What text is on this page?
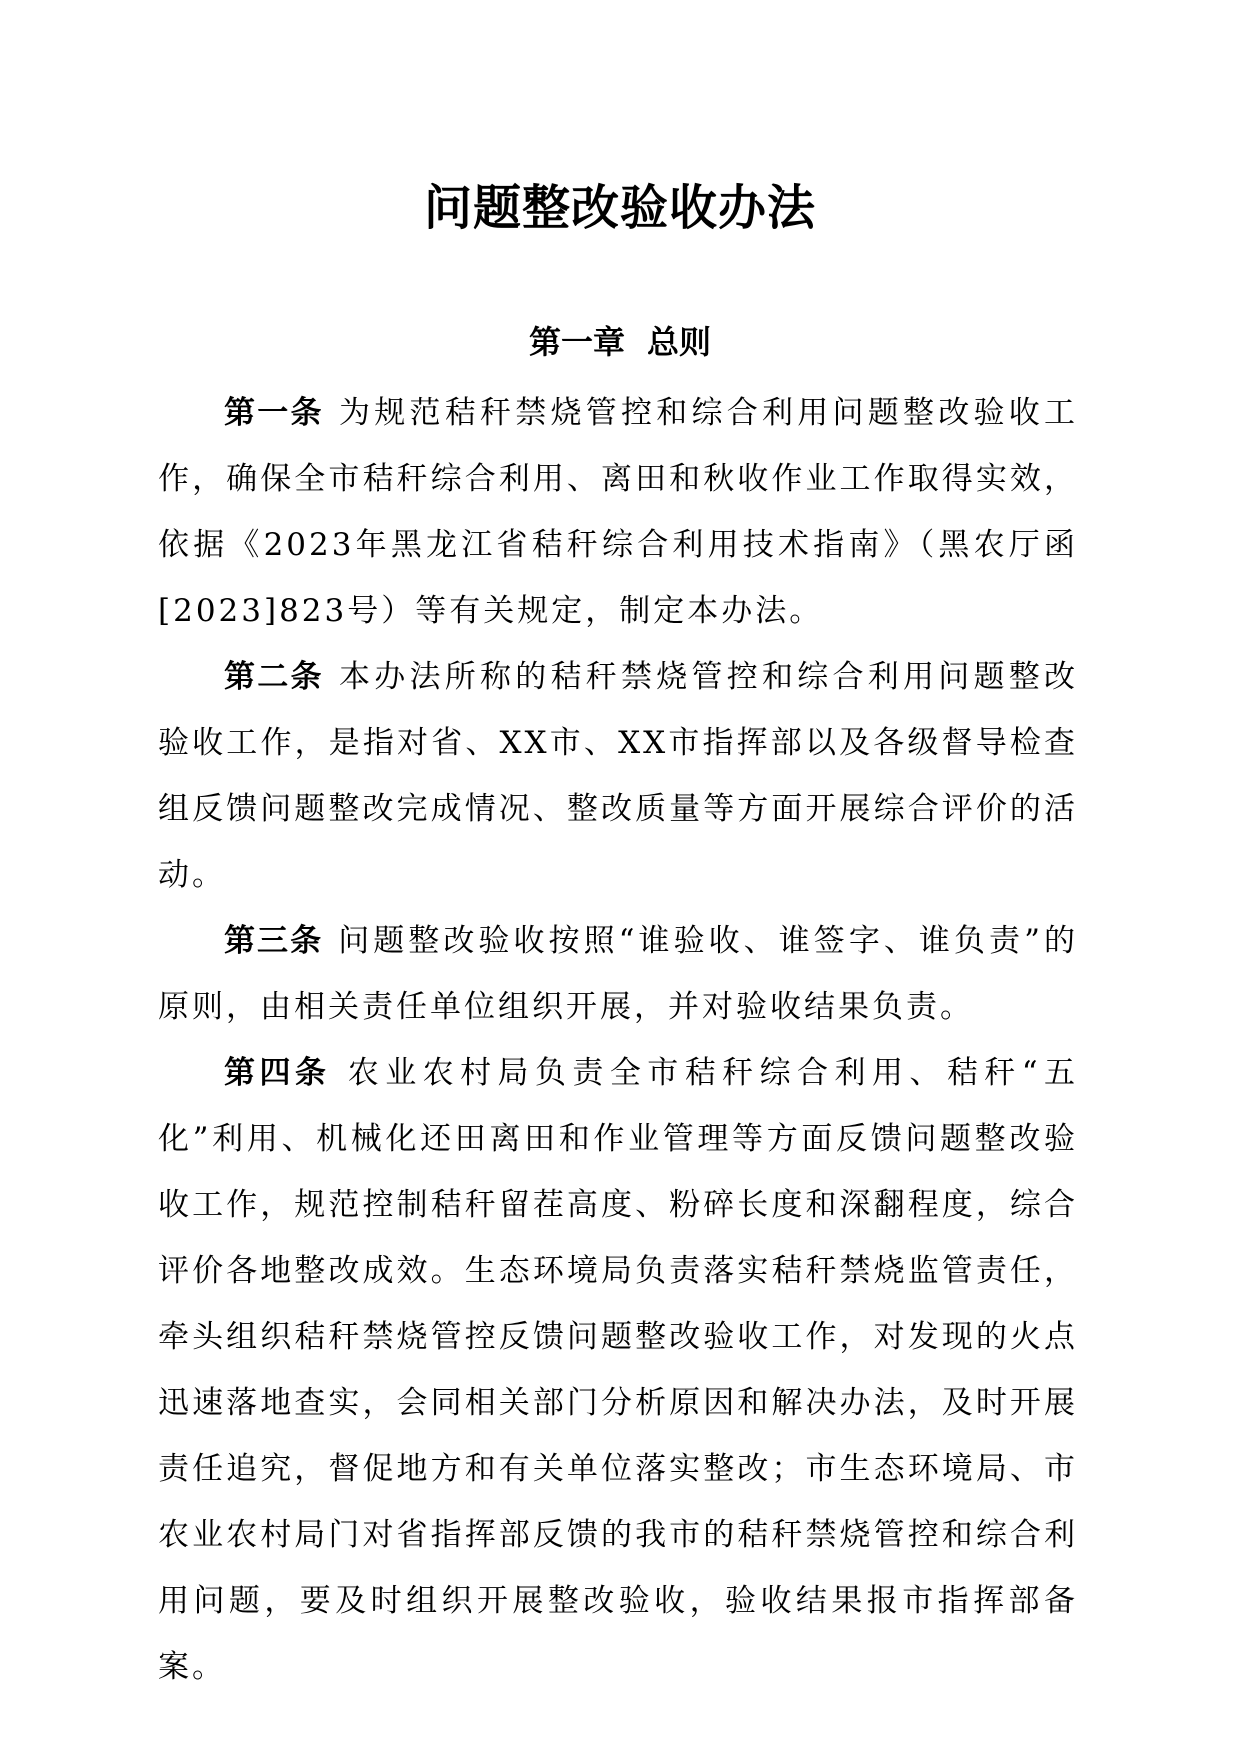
问题整改验收办法
第一章 总则

第一条 为规范秸秆禁烧管控和综合利用问题整改验收工作，确保全市秸秆综合利用、离田和秋收作业工作取得实效，依据《2023年黑龙江省秸秆综合利用技术指南》（黑农厅函[2023]823号）等有关规定，制定本办法。

第二条 本办法所称的秸秆禁烧管控和综合利用问题整改验收工作，是指对省、XX市、XX市指挥部以及各级督导检查组反馈问题整改完成情况、整改质量等方面开展综合评价的活动。

第三条 问题整改验收按照“谁验收、谁签字、谁负责”的原则，由相关责任单位组织开展，并对验收结果负责。

第四条 农业农村局负责全市秸秆综合利用、秸秆“五化”利用、机械化还田离田和作业管理等方面反馈问题整改验收工作，规范控制秸秆留茬高度、粉碎长度和深翻程度，综合评价各地整改成效。生态环境局负责落实秸秆禁烧监管责任，牵头组织秸秆禁烧管控反馈问题整改验收工作，对发现的火点迅速落地查实，会同相关部门分析原因和解决办法，及时开展责任追究，督促地方和有关单位落实整改；市生态环境局、市农业农村局门对省指挥部反馈的我市的秸秆禁烧管控和综合利用问题，要及时组织开展整改验收，验收结果报市指挥部备案。
